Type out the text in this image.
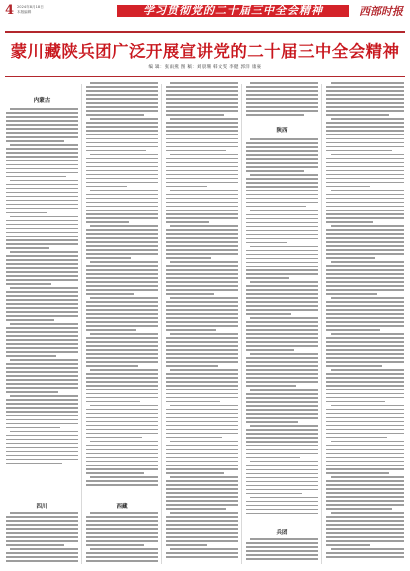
4 2024年8月18日
本版编辑	学习贯彻党的二十届三中全会精神	西部时报
蒙川藏陕兵团广泛开展宣讲党的二十届三中全会精神
编 辑：张雨燕 图 稿：刘晨珊 韩文雯 李健 郭洋 康豪
内蒙古
四川	西藏
陕西
兵团
